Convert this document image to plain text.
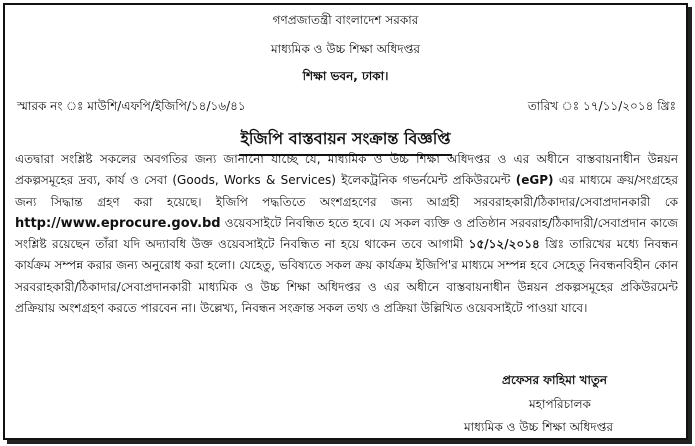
গণপ্রজাতন্ত্রী বাংলাদেশ সরকার
মাধ্যমিক ও উচ্চ শিক্ষা অধিদপ্তর
শিক্ষা ভবন, ঢাকা।
স্মারক নং ঃ মাউশি/এফপি/ইজিপি/১৪/১৬/৪১	তারিখ ঃ ১৭/১১/২০১৪ খ্রিঃ
ইজিপি বাস্তবায়ন সংক্রান্ত বিজ্ঞপ্তি
এতদ্বারা সংশ্লিষ্ট সকলের অবগতির জন্য জানানো যাচ্ছে যে, মাধ্যমিক ও উচ্চ শিক্ষা অধিদপ্তর ও এর অধীনে বাস্তবায়নাধীন উন্নয়ন প্রকল্পসমূহের দ্রব্য, কার্য ও সেবা (Goods, Works & Services) ইলেকট্রনিক গভর্নমেন্ট প্রকিউরমেন্ট (eGP) এর মাধ্যমে ক্রয়/সংগ্রহের জন্য সিদ্ধান্ত গ্রহণ করা হয়েছে। ইজিপি পদ্ধতিতে অংশগ্রহণের জন্য আগ্রহী সরবরাহকারী/ঠিকাদার/সেবাপ্রদানকারী কে http://www.eprocure.gov.bd ওয়েবসাইটে নিবন্ধিত হতে হবে। যে সকল ব্যক্তি ও প্রতিষ্ঠান সরবরাহ/ঠিকাদারী/সেবাপ্রদান কাজে সংশ্লিষ্ট রয়েছেন তাঁরা যদি অদ্যাবধি উক্ত ওয়েবসাইটে নিবন্ধিত না হয়ে থাকেন তবে আগামী ১৫/১২/২০১৪ খ্রিঃ তারিখের মধ্যে নিবন্ধন কার্যক্রম সম্পন্ন করার জন্য অনুরোধ করা হলো। যেহেতু, ভবিষ্যতে সকল ক্রয় কার্যক্রম ইজিপি'র মাধ্যমে সম্পন্ন হবে সেহেতু নিবন্ধনবিহীন কোন সরবরাহকারী/ঠিকাদার/সেবাপ্রদানকারী মাধ্যমিক ও উচ্চ শিক্ষা অধিদপ্তর ও এর অধীনে বাস্তবায়নাধীন উন্নয়ন প্রকল্পসমূহের প্রকিউরমেন্ট প্রক্রিয়ায় অংশগ্রহণ করতে পারবেন না। উল্লেখ্য, নিবন্ধন সংক্রান্ত সকল তথ্য ও প্রক্রিয়া উল্লিখিত ওয়েবসাইটে পাওয়া যাবে।
প্রফেসর ফাহিমা খাতুন
মহাপরিচালক
মাধ্যমিক ও উচ্চ শিক্ষা অধিদপ্তর
